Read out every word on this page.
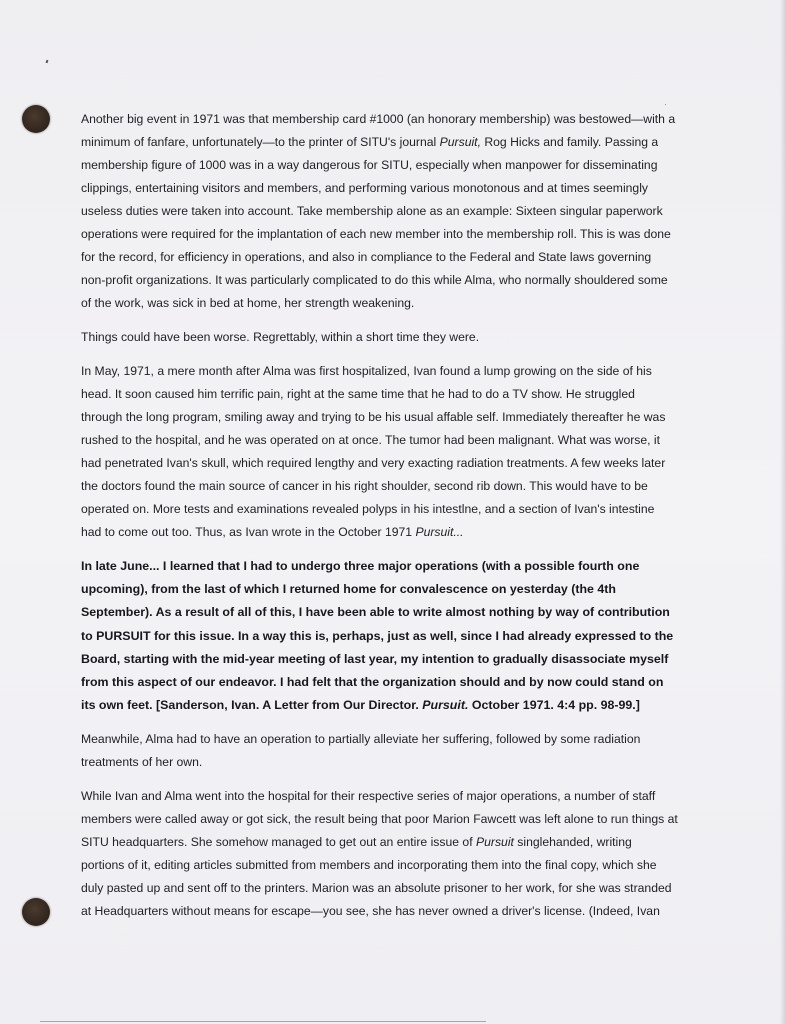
Another big event in 1971 was that membership card #1000 (an honorary membership) was bestowed—with a minimum of fanfare, unfortunately—to the printer of SITU's journal Pursuit, Rog Hicks and family. Passing a membership figure of 1000 was in a way dangerous for SITU, especially when manpower for disseminating clippings, entertaining visitors and members, and performing various monotonous and at times seemingly useless duties were taken into account. Take membership alone as an example: Sixteen singular paperwork operations were required for the implantation of each new member into the membership roll. This is was done for the record, for efficiency in operations, and also in compliance to the Federal and State laws governing non-profit organizations. It was particularly complicated to do this while Alma, who normally shouldered some of the work, was sick in bed at home, her strength weakening.

Things could have been worse. Regrettably, within a short time they were.

In May, 1971, a mere month after Alma was first hospitalized, Ivan found a lump growing on the side of his head. It soon caused him terrific pain, right at the same time that he had to do a TV show. He struggled through the long program, smiling away and trying to be his usual affable self. Immediately thereafter he was rushed to the hospital, and he was operated on at once. The tumor had been malignant. What was worse, it had penetrated Ivan's skull, which required lengthy and very exacting radiation treatments. A few weeks later the doctors found the main source of cancer in his right shoulder, second rib down. This would have to be operated on. More tests and examinations revealed polyps in his intestlne, and a section of Ivan's intestine had to come out too. Thus, as Ivan wrote in the October 1971 Pursuit...

In late June... I learned that I had to undergo three major operations (with a possible fourth one upcoming), from the last of which I returned home for convalescence on yesterday (the 4th September). As a result of all of this, I have been able to write almost nothing by way of contribution to PURSUIT for this issue. In a way this is, perhaps, just as well, since I had already expressed to the Board, starting with the mid-year meeting of last year, my intention to gradually disassociate myself from this aspect of our endeavor. I had felt that the organization should and by now could stand on its own feet. [Sanderson, Ivan. A Letter from Our Director. Pursuit. October 1971. 4:4 pp. 98-99.]

Meanwhile, Alma had to have an operation to partially alleviate her suffering, followed by some radiation treatments of her own.

While Ivan and Alma went into the hospital for their respective series of major operations, a number of staff members were called away or got sick, the result being that poor Marion Fawcett was left alone to run things at SITU headquarters. She somehow managed to get out an entire issue of Pursuit singlehanded, writing portions of it, editing articles submitted from members and incorporating them into the final copy, which she duly pasted up and sent off to the printers. Marion was an absolute prisoner to her work, for she was stranded at Headquarters without means for escape—you see, she has never owned a driver's license. (Indeed, Ivan
